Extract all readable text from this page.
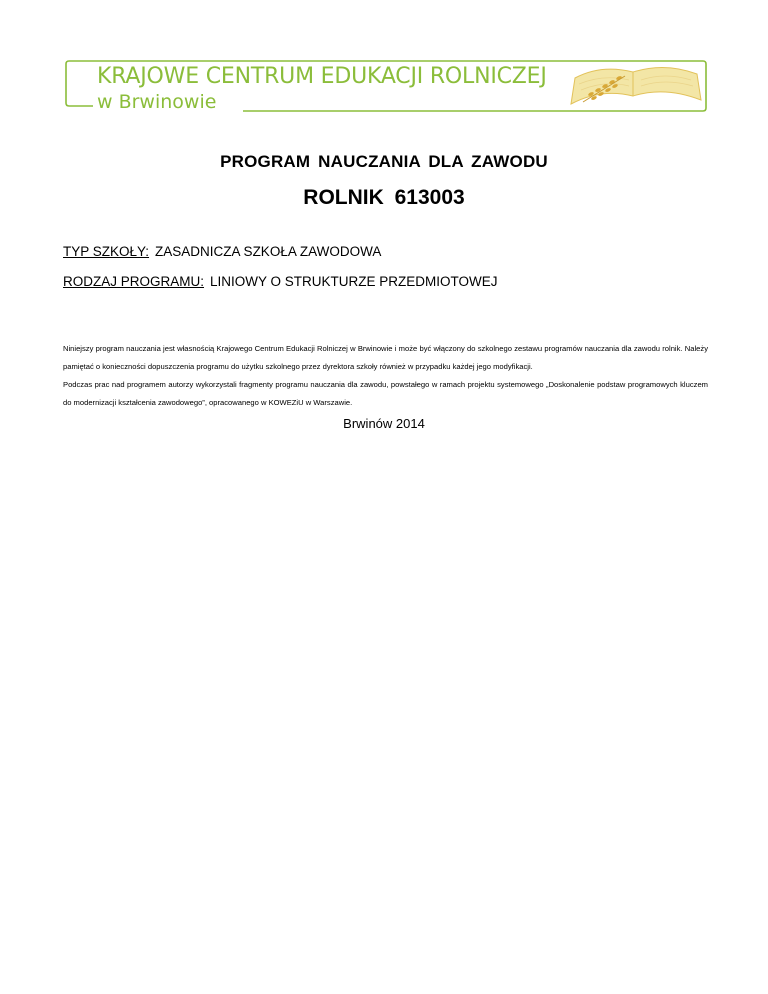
KRAJOWE CENTRUM EDUKACJI ROLNICZEJ
w Brwinowie
PROGRAM NAUCZANIA DLA ZAWODU
ROLNIK 613003
TYP SZKOŁY: ZASADNICZA SZKOŁA ZAWODOWA
RODZAJ PROGRAMU: LINIOWY O STRUKTURZE PRZEDMIOTOWEJ

Niniejszy program nauczania jest własnością Krajowego Centrum Edukacji Rolniczej w Brwinowie i może być włączony do szkolnego zestawu programów nauczania dla zawodu rolnik. Należy pamiętać o konieczności dopuszczenia programu do użytku szkolnego przez dyrektora szkoły również w przypadku każdej jego modyfikacji.

Podczas prac nad programem autorzy wykorzystali fragmenty programu nauczania dla zawodu, powstałego w ramach projektu systemowego „Doskonalenie podstaw programowych kluczem do modernizacji kształcenia zawodowego”, opracowanego w KOWEZiU w Warszawie.

Brwinów 2014
